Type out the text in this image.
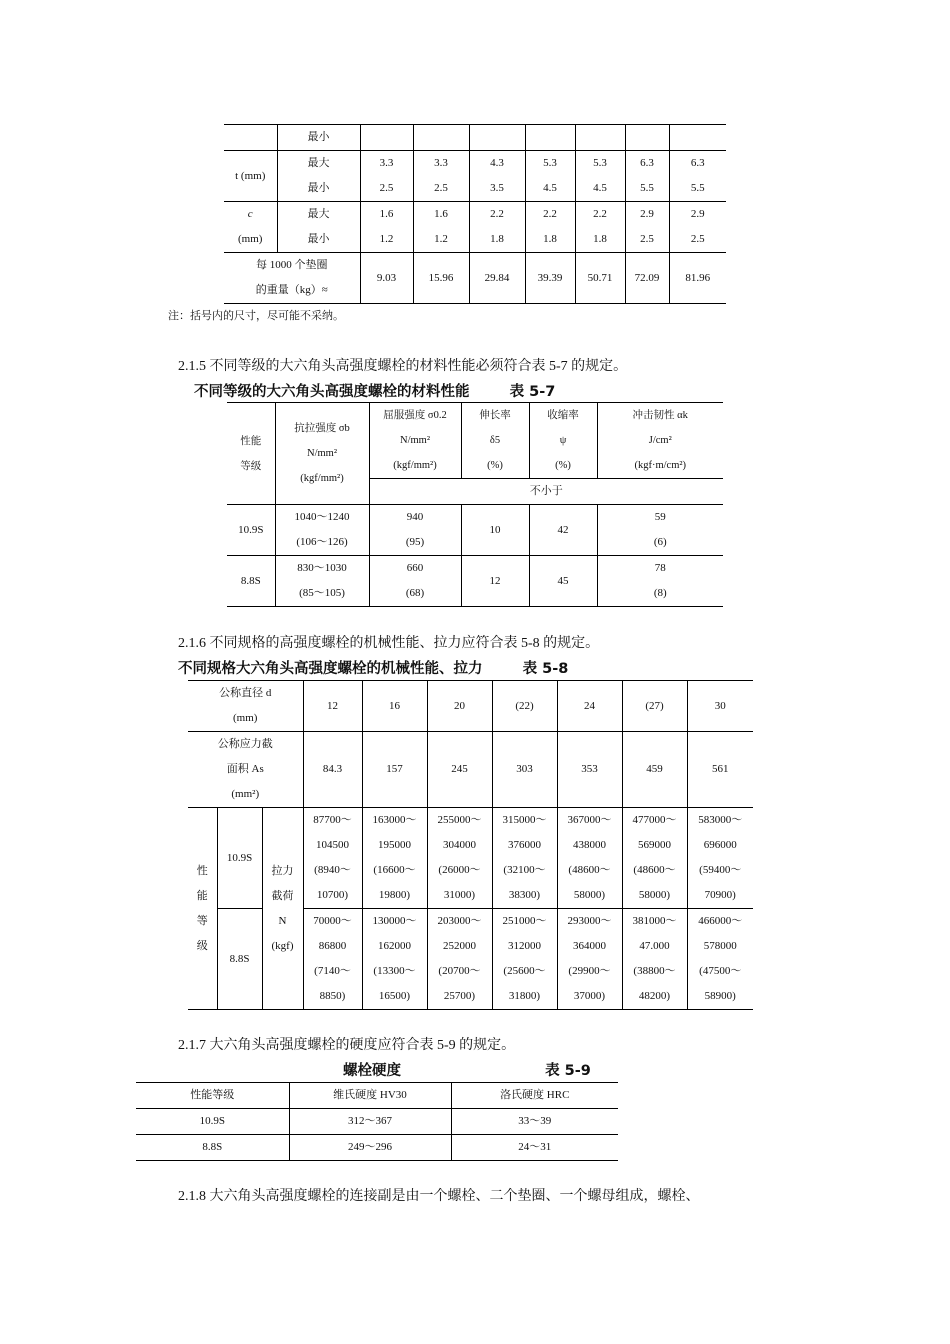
	最小							
t (mm)	最大	3.3	3.3	4.3	5.3	5.3	6.3	6.3
	最小	2.5	2.5	3.5	4.5	4.5	5.5	5.5
c	最大	1.6	1.6	2.2	2.2	2.2	2.9	2.9
(mm)	最小	1.2	1.2	1.8	1.8	1.8	2.5	2.5

每 1000 个垫圈
的重量（kg）≈		9.03	15.96	29.84	39.39	50.71	72.09	81.96
注：括号内的尺寸，尽可能不采纳。
2.1.5 不同等级的大六角头高强度螺栓的材料性能必须符合表 5-7 的规定。
不同等级的大六角头高强度螺栓的材料性能	表 5-7
性能
等级	抗拉强度 σb
N/mm²
(kgf/mm²)	屈服强度 σ0.2
N/mm²
(kgf/mm²)	伸长率
δ5
(%)	收缩率
ψ
(%)	冲击韧性 αk
J/cm²
(kgf·m/cm²)

		不小于			
10.9S	1040～1240
(106～126)	940
(95)	10	42	59
(6)

8.8S	830～1030
(85～105)	660
(68)	12	45	78
(8)
2.1.6 不同规格的高强度螺栓的机械性能、拉力应符合表 5-8 的规定。
不同规格大六角头高强度螺栓的机械性能、拉力	表 5-8
公称直径 d
(mm)			12	16	20	(22)	24	(27)	30

公称应力截
面积 As
(mm²)			84.3	157	245	303	353	459	561

性
能
等
级	10.9S	拉力
截荷
N
(kgf)	87700～
104500
(8940～
10700)	163000～
195000
(16600～
19800)	255000～
304000
(26000～
31000)	315000～
376000
(32100～
38300)	367000～
438000
(48600～
58000)	477000～
569000
(48600～
58000)	583000～
696000
(59400～
70900)

	8.8S		70000～
86800
(7140～
8850)	130000～
162000
(13300～
16500)	203000～
252000
(20700～
25700)	251000～
312000
(25600～
31800)	293000～
364000
(29900～
37000)	381000～
47.000
(38800～
48200)	466000～
578000
(47500～
58900)
2.1.7 大六角头高强度螺栓的硬度应符合表 5-9 的规定。
螺栓硬度	表 5-9
性能等级	维氏硬度 HV30	洛氏硬度 HRC
10.9S	312～367	33～39
8.8S	249～296	24～31
2.1.8 大六角头高强度螺栓的连接副是由一个螺栓、二个垫圈、一个螺母组成，螺栓、
